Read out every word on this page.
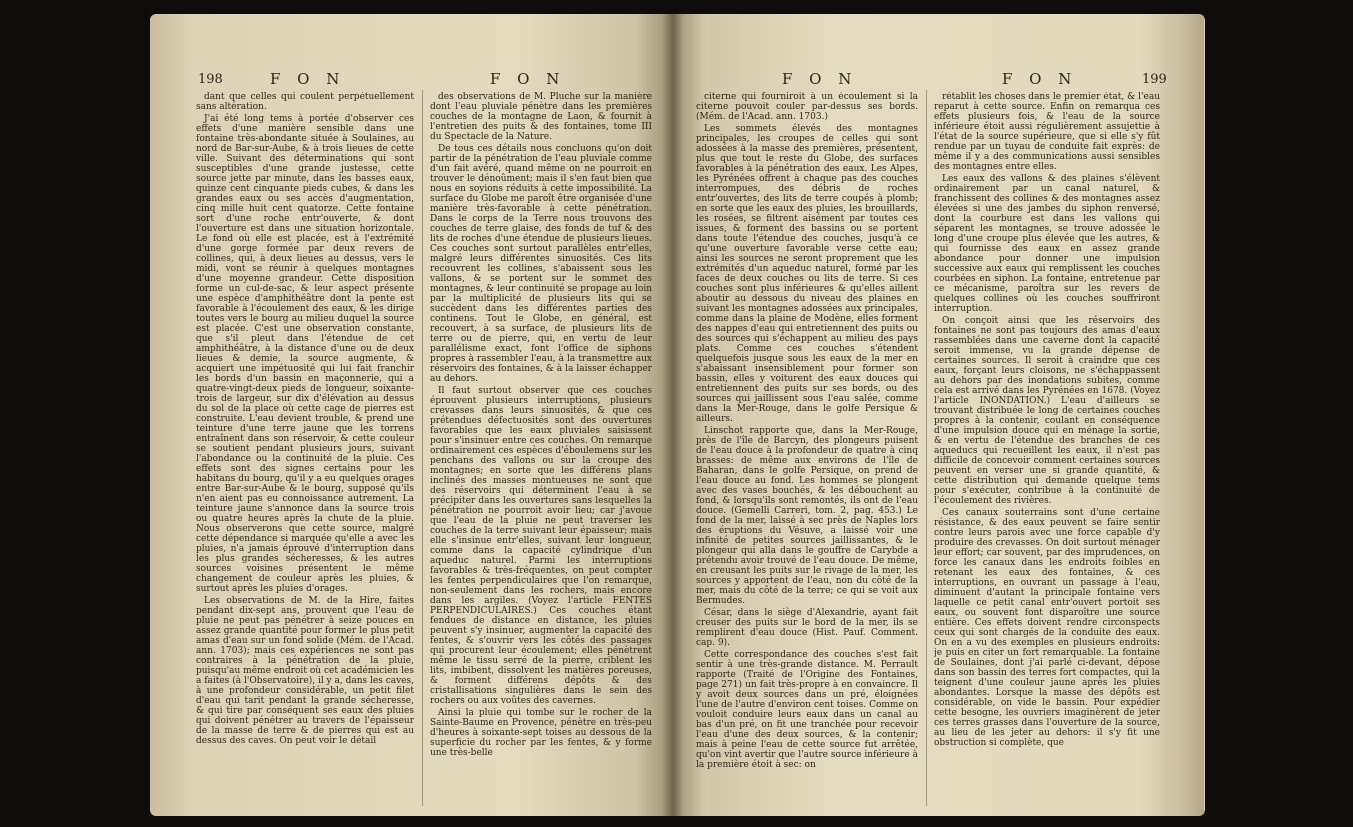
198	F O N	F O N

dant que celles qui coulent perpétuellement sans altération.

J'ai été long tems à portée d'observer ces effets d'une manière sensible dans une fontaine très-abondante située à Soulaines, au nord de Bar-sur-Aube, & à trois lieues de cette ville. Suivant des déterminations qui sont susceptibles d'une grande justesse, cette source jette par minute, dans les basses eaux, quinze cent cinquante pieds cubes, & dans les grandes eaux ou ses accès d'augmentation, cinq mille huit cent quatorze. Cette fontaine sort d'une roche entr'ouverte, & dont l'ouverture est dans une situation horizontale. Le fond où elle est placée, est à l'extrémité d'une gorge formée par deux revers de collines, qui, à deux lieues au dessus, vers le midi, vont se réunir à quelques montagnes d'une moyenne grandeur. Cette disposition forme un cul-de-sac, & leur aspect présente une espèce d'amphithéâtre dont la pente est favorable à l'écoulement des eaux, & les dirige toutes vers le bourg au milieu duquel la source est placée. C'est une observation constante, que s'il pleut dans l'étendue de cet amphithéâtre, à la distance d'une ou de deux lieues & demie, la source augmente, & acquiert une impétuosité qui lui fait franchir les bords d'un bassin en maçonnerie, qui a quatre-vingt-deux pieds de longueur, soixante-trois de largeur, sur dix d'élévation au dessus du sol de la place où cette cage de pierres est construite. L'eau devient trouble, & prend une teinture d'une terre jaune que les torrens entraînent dans son réservoir, & cette couleur se soutient pendant plusieurs jours, suivant l'abondance ou la continuité de la pluie. Ces effets sont des signes certains pour les habitans du bourg, qu'il y a eu quelques orages entre Bar-sur-Aube & le bourg, supposé qu'ils n'en aient pas eu connoissance autrement. La teinture jaune s'annonce dans la source trois ou quatre heures après la chute de la pluie. Nous observerons que cette source, malgré cette dépendance si marquée qu'elle a avec les pluies, n'a jamais éprouvé d'interruption dans les plus grandes sécheresses, & les autres sources voisines présentent le même changement de couleur après les pluies, & surtout après les pluies d'orages.

Les observations de M. de la Hire, faites pendant dix-sept ans, prouvent que l'eau de pluie ne peut pas pénétrer à seize pouces en assez grande quantité pour former le plus petit amas d'eau sur un fond solide (Mém. de l'Acad. ann. 1703); mais ces expériences ne sont pas contraires à la pénétration de la pluie, puisqu'au même endroit où cet académicien les a faites (à l'Observatoire), il y a, dans les caves, à une profondeur considérable, un petit filet d'eau qui tarit pendant la grande sécheresse, & qui tire par conséquent ses eaux des pluies qui doivent pénétrer au travers de l'épaisseur de la masse de terre & de pierres qui est au dessus des caves. On peut voir le détail

des observations de M. Pluche sur la manière dont l'eau pluviale pénètre dans les premières couches de la montagne de Laon, & fournit à l'entretien des puits & des fontaines, tome III du Spectacle de la Nature.

De tous ces détails nous concluons qu'on doit partir de la pénétration de l'eau pluviale comme d'un fait avéré, quand même on ne pourroit en trouver le dénoûment; mais il s'en faut bien que nous en soyions réduits à cette impossibilité. La surface du Globe me paroît être organisée d'une manière très-favorable à cette pénétration. Dans le corps de la Terre nous trouvons des couches de terre glaise, des fonds de tuf & des lits de roches d'une étendue de plusieurs lieues. Ces couches sont surtout parallèles entr'elles, malgré leurs différentes sinuosités. Ces lits recouvrent les collines, s'abaissent sous les vallons, & se portent sur le sommet des montagnes, & leur continuité se propage au loin par la multiplicité de plusieurs lits qui se succèdent dans les différentes parties des continens. Tout le Globe, en général, est recouvert, à sa surface, de plusieurs lits de terre ou de pierre, qui, en vertu de leur parallélisme exact, font l'office de siphons propres à rassembler l'eau, à la transmettre aux réservoirs des fontaines, & à la laisser échapper au dehors.

Il faut surtout observer que ces couches éprouvent plusieurs interruptions, plusieurs crevasses dans leurs sinuosités, & que ces prétendues défectuosités sont des ouvertures favorables que les eaux pluviales saisissent pour s'insinuer entre ces couches. On remarque ordinairement ces espèces d'éboulemens sur les penchans des vallons ou sur la croupe des montagnes; en sorte que les différens plans inclinés des masses montueuses ne sont que des réservoirs qui déterminent l'eau à se précipiter dans les ouvertures sans lesquelles la pénétration ne pourroit avoir lieu; car j'avoue que l'eau de la pluie ne peut traverser les couches de la terre suivant leur épaisseur; mais elle s'insinue entr'elles, suivant leur longueur, comme dans la capacité cylindrique d'un aqueduc naturel. Parmi les interruptions favorables & très-fréquentes, on peut compter les fentes perpendiculaires que l'on remarque, non-seulement dans les rochers, mais encore dans les argiles. (Voyez l'article FENTES PERPENDICULAIRES.) Ces couches étant fendues de distance en distance, les pluies peuvent s'y insinuer, augmenter la capacité des fentes, & s'ouvrir vers les côtés des passages qui procurent leur écoulement; elles pénètrent même le tissu serré de la pierre, criblent les lits, imbibent, dissolvent les matières poreuses, & forment différens dépôts & des cristallisations singulières dans le sein des rochers ou aux voûtes des cavernes.

Ainsi la pluie qui tombe sur le rocher de la Sainte-Baume en Provence, pénètre en très-peu d'heures à soixante-sept toises au dessous de la superficie du rocher par les fentes, & y forme une très-belle

F O N	F O N	199

citerne qui fourniroit à un écoulement si la citerne pouvoit couler par-dessus ses bords. (Mém. de l'Acad. ann. 1703.)

Les sommets élevés des montagnes principales, les croupes de celles qui sont adossées à la masse des premières, présentent, plus que tout le reste du Globe, des surfaces favorables à la pénétration des eaux. Les Alpes, les Pyrénées offrent à chaque pas des couches interrompues, des débris de roches entr'ouvertes, des lits de terre coupés à plomb; en sorte que les eaux des pluies, les brouillards, les rosées, se filtrent aisément par toutes ces issues, & forment des bassins ou se portent dans toute l'étendue des couches, jusqu'à ce qu'une ouverture favorable verse cette eau; ainsi les sources ne seront proprement que les extrémités d'un aqueduc naturel, formé par les faces de deux couches ou lits de terre. Si ces couches sont plus inférieures & qu'elles aillent aboutir au dessous du niveau des plaines en suivant les montagnes adossées aux principales, comme dans la plaine de Modène, elles forment des nappes d'eau qui entretiennent des puits ou des sources qui s'échappent au milieu des pays plats. Comme ces couches s'étendent quelquefois jusque sous les eaux de la mer en s'abaissant insensiblement pour former son bassin, elles y voiturent des eaux douces qui entretiennent des puits sur ses bords, ou des sources qui jaillissent sous l'eau salée, comme dans la Mer-Rouge, dans le golfe Persique & ailleurs.

Linschot rapporte que, dans la Mer-Rouge, près de l'île de Barcyn, des plongeurs puisent de l'eau douce à la profondeur de quatre à cinq brasses: de même aux environs de l'île de Baharan, dans le golfe Persique, on prend de l'eau douce au fond. Les hommes se plongent avec des vases bouchés, & les débouchent au fond, & lorsqu'ils sont remontés, ils ont de l'eau douce. (Gemelli Carreri, tom. 2, pag. 453.) Le fond de la mer, laissé à sec près de Naples lors des éruptions du Vésuve, a laissé voir une infinité de petites sources jaillissantes, & le plongeur qui alla dans le gouffre de Carybde a prétendu avoir trouvé de l'eau douce. De même, en creusant les puits sur le rivage de la mer, les sources y apportent de l'eau, non du côté de la mer, mais du côté de la terre; ce qui se voit aux Bermudes.

César, dans le siège d'Alexandrie, ayant fait creuser des puits sur le bord de la mer, ils se remplirent d'eau douce (Hist. Pauf. Comment. cap. 9).

Cette correspondance des couches s'est fait sentir à une très-grande distance. M. Perrault rapporte (Traité de l'Origine des Fontaines, page 271) un fait très-propre à en convaincre. Il y avoit deux sources dans un pré, éloignées l'une de l'autre d'environ cent toises. Comme on vouloit conduire leurs eaux dans un canal au bas d'un pré, on fit une tranchée pour recevoir l'eau d'une des deux sources, & la contenir; mais à peine l'eau de cette source fut arrêtée, qu'on vint avertir que l'autre source inférieure à la première étoit à sec: on

rétablit les choses dans le premier état, & l'eau reparut à cette source. Enfin on remarqua ces effets plusieurs fois, & l'eau de la source inférieure étoit aussi régulièrement assujettie à l'état de la source supérieure, que si elle s'y fût rendue par un tuyau de conduite fait exprès: de même il y a des communications aussi sensibles des montagnes entre elles.

Les eaux des vallons & des plaines s'élèvent ordinairement par un canal naturel, & franchissent des collines & des montagnes assez élevées si une des jambes du siphon renversé, dont la courbure est dans les vallons qui séparent les montagnes, se trouve adossée le long d'une croupe plus élevée que les autres, & qui fournisse des eaux en assez grande abondance pour donner une impulsion successive aux eaux qui remplissent les couches courbées en siphon. La fontaine, entretenue par ce mécanisme, paroîtra sur les revers de quelques collines où les couches souffriront interruption.

On conçoit ainsi que les réservoirs des fontaines ne sont pas toujours des amas d'eaux rassemblées dans une caverne dont la capacité seroit immense, vu la grande dépense de certaines sources. Il seroit à craindre que ces eaux, forçant leurs cloisons, ne s'échappassent au dehors par des inondations subites, comme cela est arrivé dans les Pyrénées en 1678. (Voyez l'article INONDATION.) L'eau d'ailleurs se trouvant distribuée le long de certaines couches propres à la contenir, coulant en conséquence d'une impulsion douce qui en ménage la sortie, & en vertu de l'étendue des branches de ces aqueducs qui recueillent les eaux, il n'est pas difficile de concevoir comment certaines sources peuvent en verser une si grande quantité, & cette distribution qui demande quelque tems pour s'exécuter, contribue à la continuité de l'écoulement des rivières.

Ces canaux souterrains sont d'une certaine résistance, & des eaux peuvent se faire sentir contre leurs parois avec une force capable d'y produire des crevasses. On doit surtout ménager leur effort; car souvent, par des imprudences, on force les canaux dans les endroits foibles en retenant les eaux des fontaines, & ces interruptions, en ouvrant un passage à l'eau, diminuent d'autant la principale fontaine vers laquelle ce petit canal entr'ouvert portoit ses eaux, ou souvent font disparoître une source entière. Ces effets doivent rendre circonspects ceux qui sont chargés de la conduite des eaux. On en a vu des exemples en plusieurs endroits: je puis en citer un fort remarquable. La fontaine de Soulaines, dont j'ai parlé ci-devant, dépose dans son bassin des terres fort compactes, qui la teignent d'une couleur jaune après les pluies abondantes. Lorsque la masse des dépôts est considérable, on vide le bassin. Pour expédier cette besogne, les ouvriers imaginèrent de jeter ces terres grasses dans l'ouverture de la source, au lieu de les jeter au dehors: il s'y fit une obstruction si complète, que
